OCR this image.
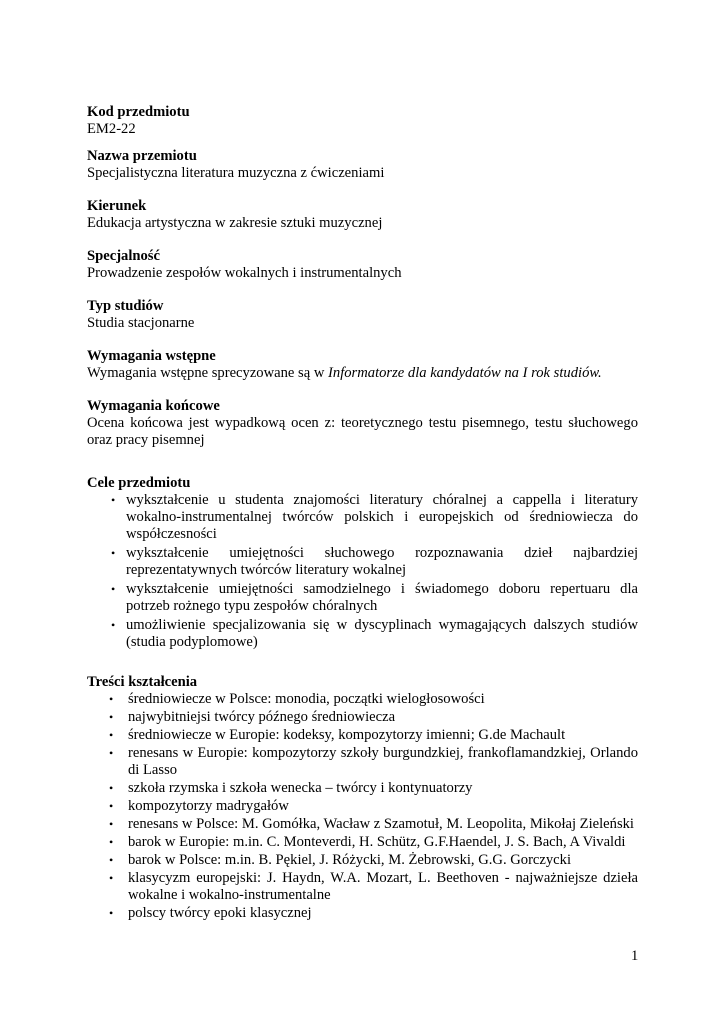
Kod przedmiotu

EM2-22

Nazwa przemiotu

Specjalistyczna literatura muzyczna z ćwiczeniami

Kierunek

Edukacja artystyczna w zakresie sztuki muzycznej

Specjalność

Prowadzenie zespołów wokalnych i instrumentalnych

Typ studiów

Studia stacjonarne

Wymagania wstępne

Wymagania wstępne sprecyzowane są w Informatorze dla kandydatów na I rok studiów.

Wymagania końcowe

Ocena końcowa jest wypadkową ocen z: teoretycznego testu pisemnego, testu słuchowego oraz pracy pisemnej

Cele przedmiotu
• wykształcenie u studenta znajomości literatury chóralnej a cappella i literatury wokalno-instrumentalnej twórców polskich i europejskich od średniowiecza do współczesności
• wykształcenie umiejętności słuchowego rozpoznawania dzieł najbardziej reprezentatywnych twórców literatury wokalnej
• wykształcenie umiejętności samodzielnego i świadomego doboru repertuaru dla potrzeb rożnego typu zespołów chóralnych
• umożliwienie specjalizowania się w dyscyplinach wymagających dalszych studiów (studia podyplomowe)
Treści kształcenia
• średniowiecze w Polsce: monodia, początki wielogłosowości
• najwybitniejsi twórcy późnego średniowiecza
• średniowiecze w Europie: kodeksy, kompozytorzy imienni; G.de Machault
• renesans w Europie: kompozytorzy szkoły burgundzkiej, frankoflamandzkiej, Orlando di Lasso
• szkoła rzymska i szkoła wenecka – twórcy i kontynuatorzy
• kompozytorzy madrygałów
• renesans w Polsce: M. Gomółka, Wacław z Szamotuł, M. Leopolita, Mikołaj Zieleński
• barok w Europie: m.in. C. Monteverdi, H. Schütz, G.F.Haendel, J. S. Bach, A Vivaldi
• barok w Polsce: m.in. B. Pękiel, J. Różycki, M. Żebrowski, G.G. Gorczycki
• klasycyzm europejski: J. Haydn, W.A. Mozart, L. Beethoven - najważniejsze dzieła wokalne i wokalno-instrumentalne
• polscy twórcy epoki klasycznej
1
